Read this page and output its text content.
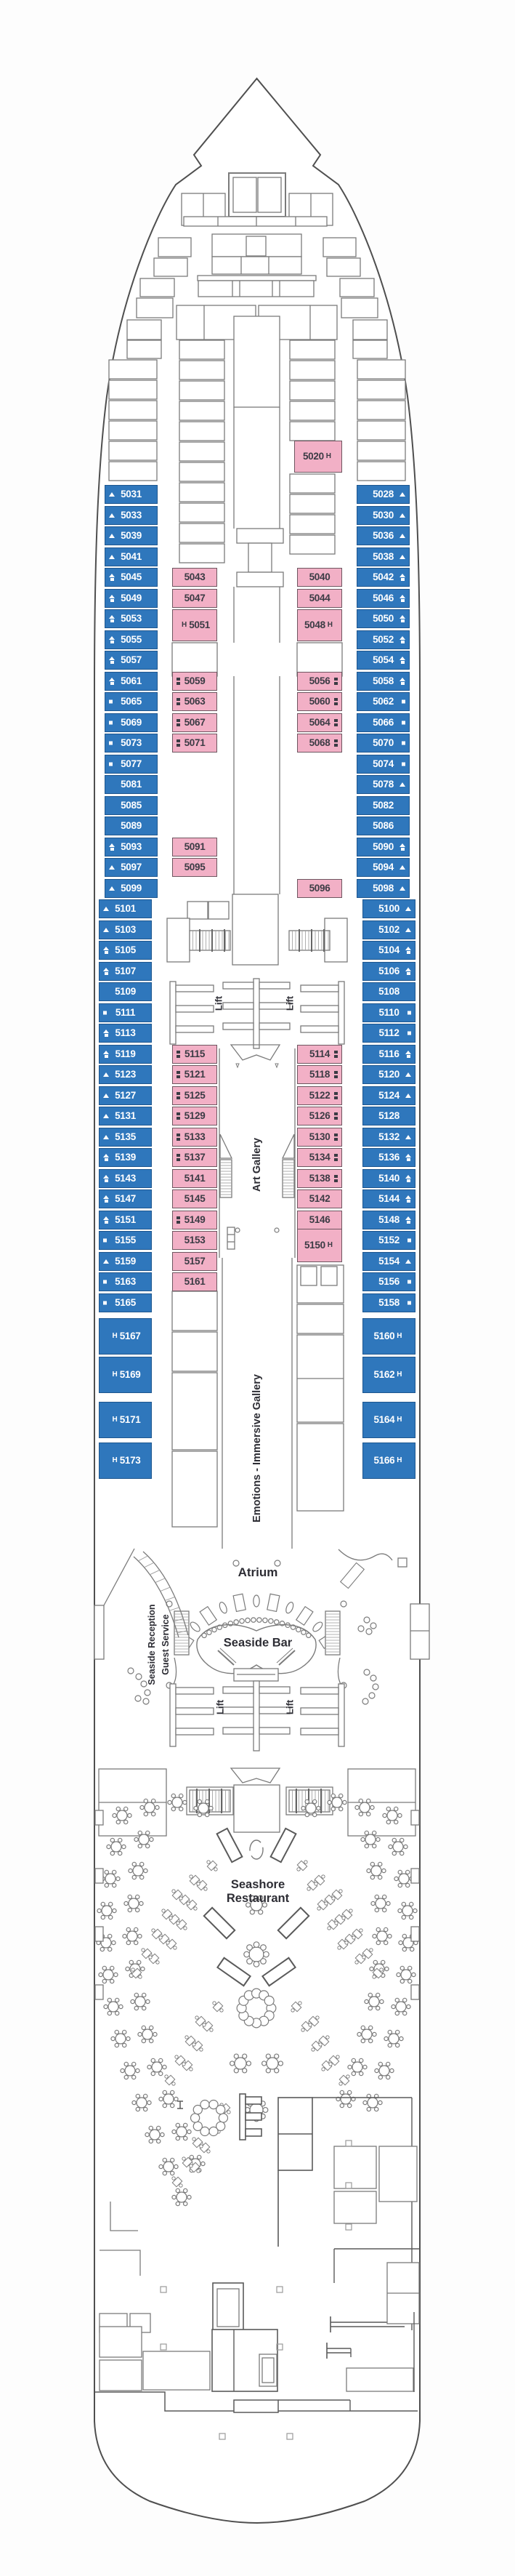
5031
5033
5039
5041
5045
5049
5053
5055
5057
5061
5065
5069
5073
5077
5081
5085
5089
5093
5097
5099
5101
5103
5105
5107
5109
5111
5113
5119
5123
5127
5131
5135
5139
5143
5147
5151
5155
5159
5163
5165
H 5167
H 5169
H 5171
H 5173
5028
5030
5036
5038
5042
5046
5050
5052
5054
5058
5062
5066
5070
5074
5078
5082
5086
5090
5094
5098
5100
5102
5104
5106
5108
5110
5112
5116
5120
5124
5128
5132
5136
5140
5144
5148
5152
5154
5156
5158
5160 H
5162 H
5164 H
5166 H
5043
5047
H 5051
5059
5063
5067
5071
5091
5095
5115
5121
5125
5129
5133
5137
5141
5145
5149
5153
5157
5161
5020 H
5040
5044
5048 H
5056
5060
5064
5068
5096
5114
5118
5122
5126
5130
5134
5138
5142
5146
5150 H
Lift	Lift
Art Gallery
Emotions - Immersive Gallery
Atrium
Seaside Reception Guest Service	Seaside Bar
Lift	Lift
Seashore Restaurant
